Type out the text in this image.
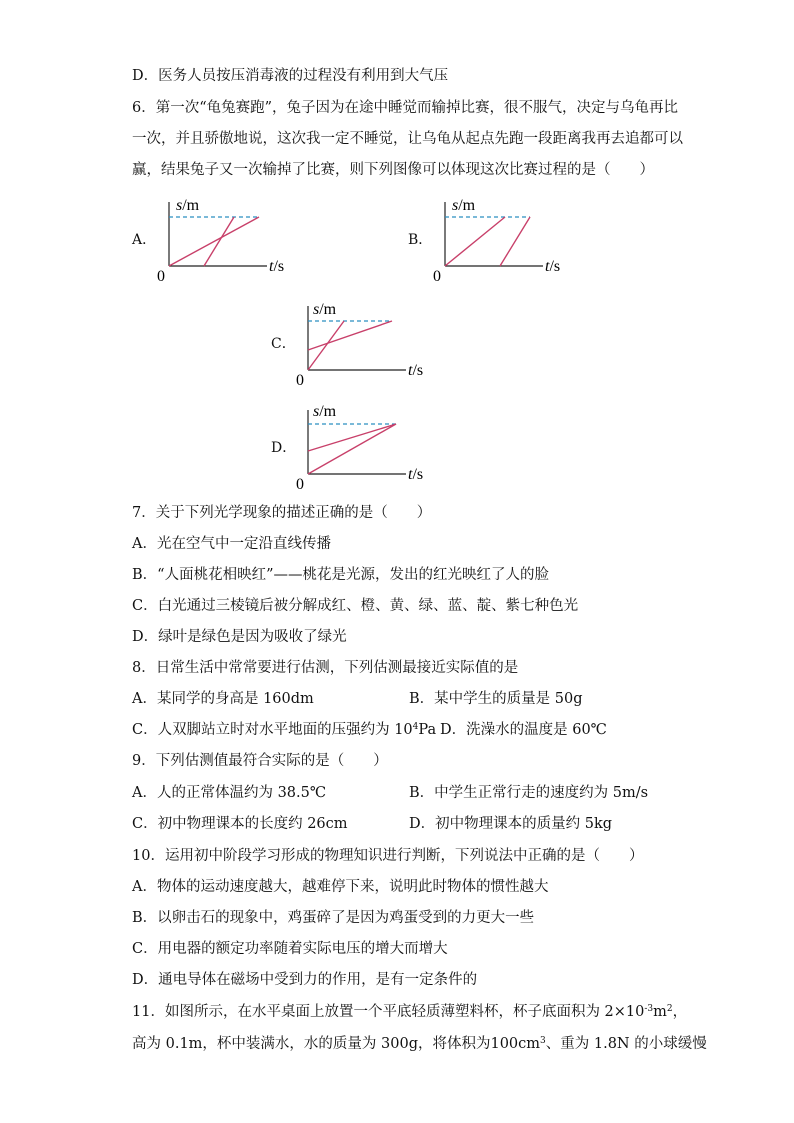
D．医务人员按压消毒液的过程没有利用到大气压
6．第一次“龟兔赛跑”，兔子因为在途中睡觉而输掉比赛，很不服气，决定与乌龟再比
一次，并且骄傲地说，这次我一定不睡觉，让乌龟从起点先跑一段距离我再去追都可以
赢，结果兔子又一次输掉了比赛，则下列图像可以体现这次比赛过程的是（　　）
A．
s/m
t/s
0
B．
s/m
t/s
0
C．
s/m
t/s
0
D．
s/m
t/s
0
7．关于下列光学现象的描述正确的是（　　）
A．光在空气中一定沿直线传播
B．“人面桃花相映红”——桃花是光源，发出的红光映红了人的脸
C．白光通过三棱镜后被分解成红、橙、黄、绿、蓝、靛、紫七种色光
D．绿叶是绿色是因为吸收了绿光
8．日常生活中常常要进行估测，下列估测最接近实际值的是
A．某同学的身高是 160dm	B．某中学生的质量是 50g
C．人双脚站立时对水平地面的压强约为 $10^4Pa$ D．洗澡水的温度是 60℃
9．下列估测值最符合实际的是（　　）
A．人的正常体温约为 38.5℃	B．中学生正常行走的速度约为 5m/s
C．初中物理课本的长度约 26cm	D．初中物理课本的质量约 5kg
10．运用初中阶段学习形成的物理知识进行判断，下列说法中正确的是（　　）
A．物体的运动速度越大，越难停下来，说明此时物体的惯性越大
B．以卵击石的现象中，鸡蛋碎了是因为鸡蛋受到的力更大一些
C．用电器的额定功率随着实际电压的增大而增大
D．通电导体在磁场中受到力的作用，是有一定条件的
11．如图所示，在水平桌面上放置一个平底轻质薄塑料杯，杯子底面积为 $2\times 10^{-3}m^2$，
高为 0.1m，杯中装满水，水的质量为 300g，将体积为$100cm^3$、重为 1.8N 的小球缓慢
